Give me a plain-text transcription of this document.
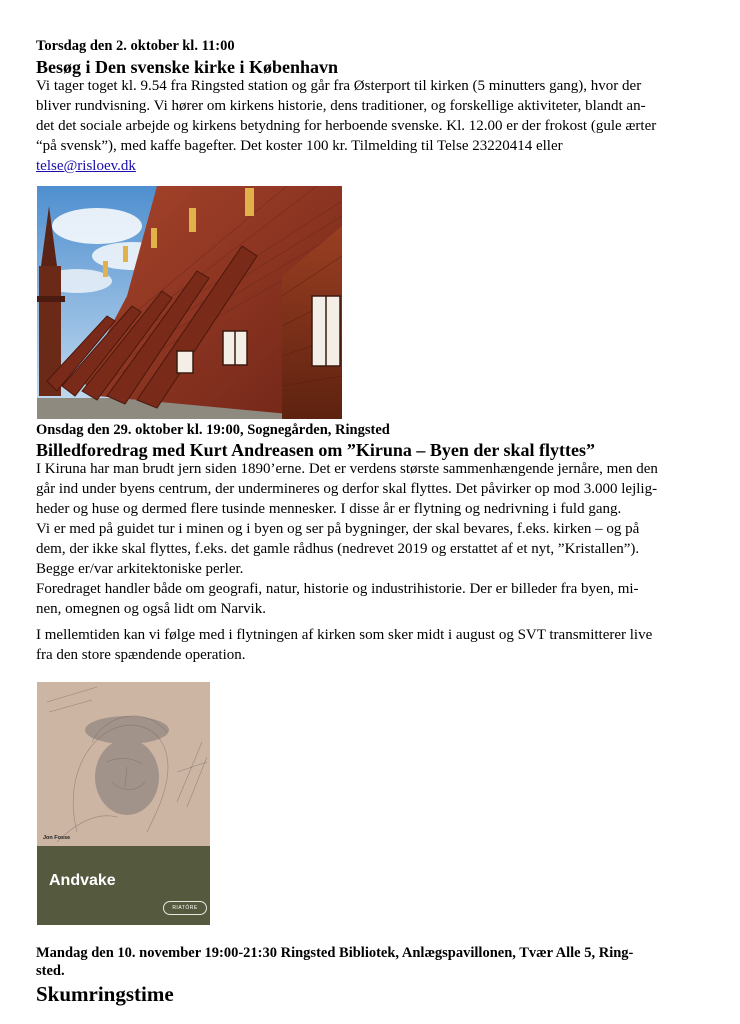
Torsdag den 2. oktober kl. 11:00
Besøg i Den svenske kirke i København

Vi tager toget kl. 9.54 fra Ringsted station og går fra Østerport til kirken (5 minutters gang), hvor der

bliver rundvisning. Vi hører om kirkens historie, dens traditioner, og forskellige aktiviteter, blandt an-

det det sociale arbejde og kirkens betydning for herboende svenske. Kl. 12.00 er der frokost (gule ærter

“på svensk”), med kaffe bagefter. Det koster 100 kr. Tilmelding til Telse 23220414 eller

telse@risloev.dk

Onsdag den 29. oktober kl. 19:00, Sognegården, Ringsted
Billedforedrag med Kurt Andreasen om ”Kiruna – Byen der skal flyttes”

I Kiruna har man brudt jern siden 1890’erne. Det er verdens største sammenhængende jernåre, men den

går ind under byens centrum, der undermineres og derfor skal flyttes. Det påvirker op mod 3.000 lejlig-

heder og huse og dermed flere tusinde mennesker. I disse år er flytning og nedrivning i fuld gang.

Vi er med på guidet tur i minen og i byen og ser på bygninger, der skal bevares, f.eks. kirken – og på

dem, der ikke skal flyttes, f.eks. det gamle rådhus (nedrevet 2019 og erstattet af et nyt, ”Kristallen”).

Begge er/var arkitektoniske perler.

Foredraget handler både om geografi, natur, historie og industrihistorie. Der er billeder fra byen, mi-

nen, omegnen og også lidt om Narvik.

I mellemtiden kan vi følge med i flytningen af kirken som sker midt i august og SVT transmitterer live

fra den store spændende operation.

Jon Fosse
Andvake
RIATÓRE
Mandag den 10. november 19:00-21:30 Ringsted Bibliotek, Anlægspavillonen, Tvær Alle 5, Ring-
sted.
Skumringstime
